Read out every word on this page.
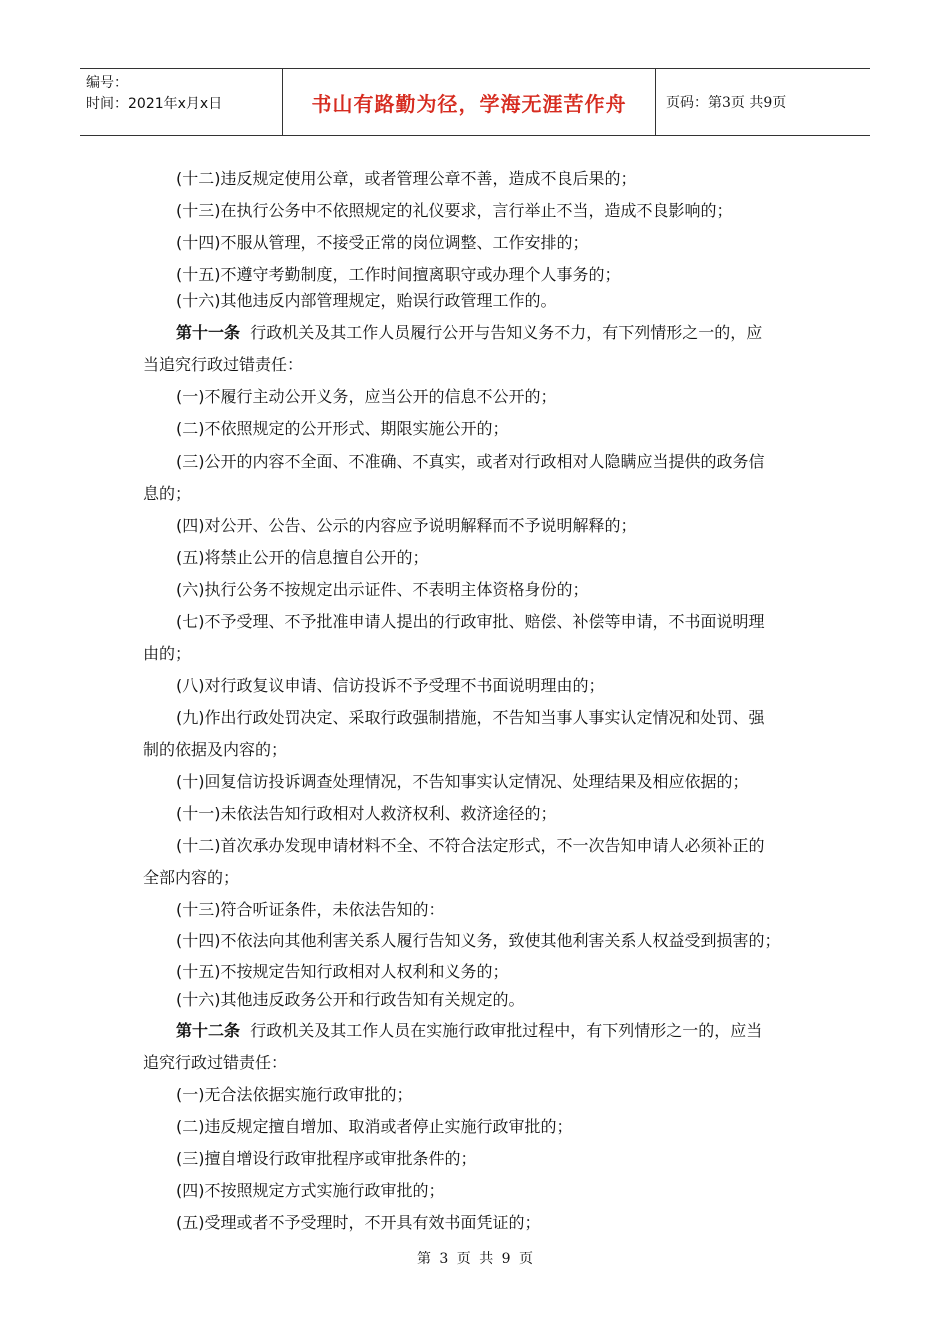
编号：
时间：2021年x月x日	书山有路勤为径，学海无涯苦作舟	页码：第3页 共9页
(十二)违反规定使用公章，或者管理公章不善，造成不良后果的；
(十三)在执行公务中不依照规定的礼仪要求，言行举止不当，造成不良影响的；
(十四)不服从管理，不接受正常的岗位调整、工作安排的；
(十五)不遵守考勤制度，工作时间擅离职守或办理个人事务的；
(十六)其他违反内部管理规定，贻误行政管理工作的。
第十一条 行政机关及其工作人员履行公开与告知义务不力，有下列情形之一的，应
当追究行政过错责任：
(一)不履行主动公开义务，应当公开的信息不公开的；
(二)不依照规定的公开形式、期限实施公开的；
(三)公开的内容不全面、不准确、不真实，或者对行政相对人隐瞒应当提供的政务信
息的；
(四)对公开、公告、公示的内容应予说明解释而不予说明解释的；
(五)将禁止公开的信息擅自公开的；
(六)执行公务不按规定出示证件、不表明主体资格身份的；
(七)不予受理、不予批准申请人提出的行政审批、赔偿、补偿等申请，不书面说明理
由的；
(八)对行政复议申请、信访投诉不予受理不书面说明理由的；
(九)作出行政处罚决定、采取行政强制措施，不告知当事人事实认定情况和处罚、强
制的依据及内容的；
(十)回复信访投诉调查处理情况，不告知事实认定情况、处理结果及相应依据的；
(十一)未依法告知行政相对人救济权利、救济途径的；
(十二)首次承办发现申请材料不全、不符合法定形式，不一次告知申请人必须补正的
全部内容的；
(十三)符合听证条件，未依法告知的：
(十四)不依法向其他利害关系人履行告知义务，致使其他利害关系人权益受到损害的；
(十五)不按规定告知行政相对人权利和义务的；
(十六)其他违反政务公开和行政告知有关规定的。
第十二条 行政机关及其工作人员在实施行政审批过程中，有下列情形之一的，应当
追究行政过错责任：
(一)无合法依据实施行政审批的；
(二)违反规定擅自增加、取消或者停止实施行政审批的；
(三)擅自增设行政审批程序或审批条件的；
(四)不按照规定方式实施行政审批的；
(五)受理或者不予受理时，不开具有效书面凭证的；
第 3 页 共 9 页
